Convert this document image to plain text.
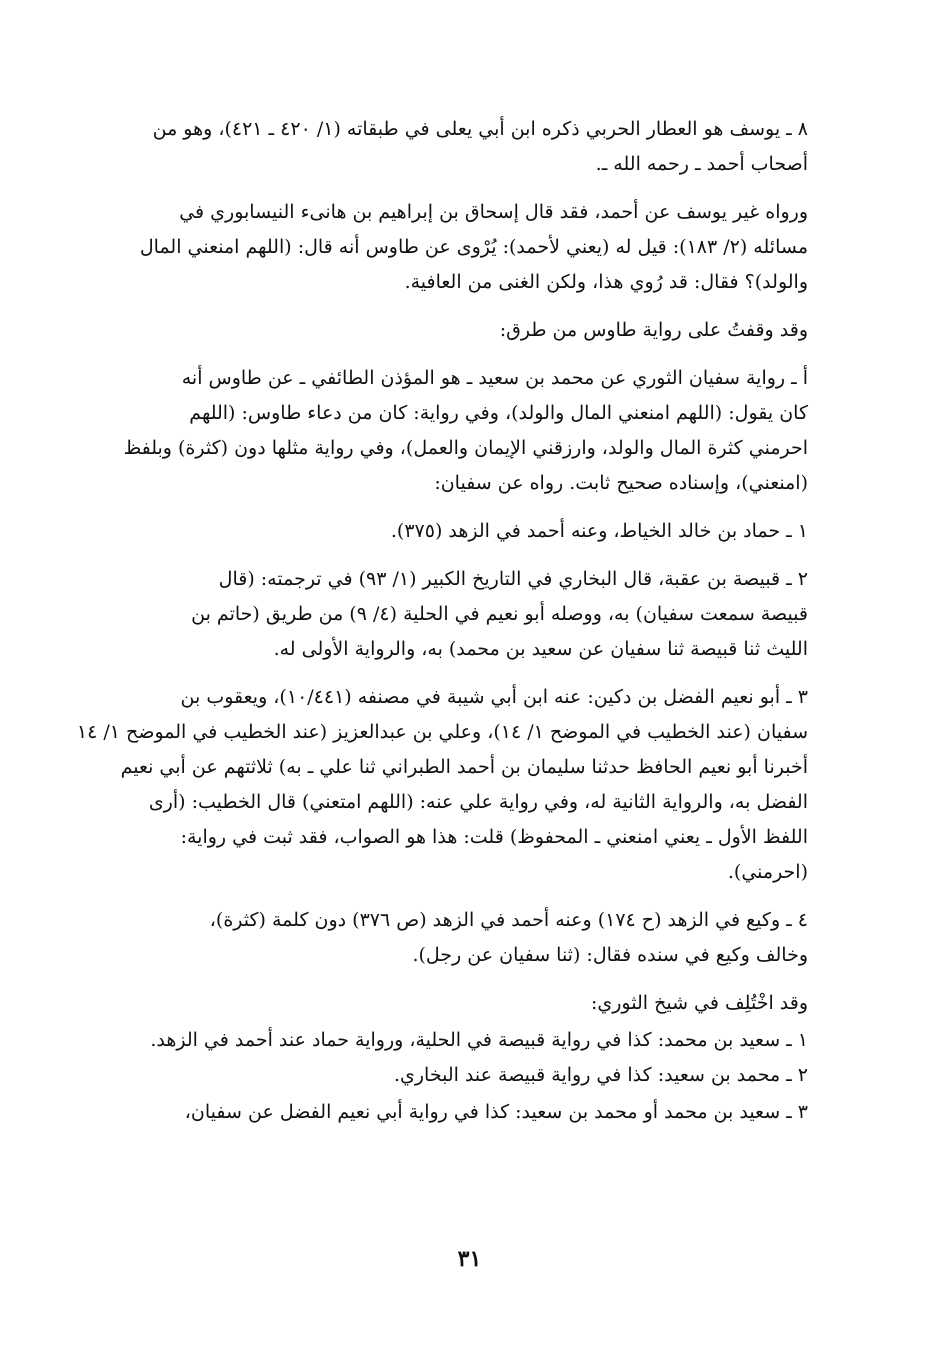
٨ ـ يوسف هو العطار الحربي ذكره ابن أبي يعلى في طبقاته (١/ ٤٢٠ ـ ٤٢١)، وهو من
أصحاب أحمد ـ رحمه الله ـ.

ورواه غير يوسف عن أحمد، فقد قال إسحاق بن إبراهيم بن هانىء النيسابوري في
مسائله (٢/ ١٨٣): قيل له (يعني لأحمد): يُرْوى عن طاوس أنه قال: (اللهم امنعني المال
والولد)؟ فقال: قد رُوي هذا، ولكن الغنى من العافية.

وقد وقفتُ على رواية طاوس من طرق:

أ ـ رواية سفيان الثوري عن محمد بن سعيد ـ هو المؤذن الطائفي ـ عن طاوس أنه
كان يقول: (اللهم امنعني المال والولد)، وفي رواية: كان من دعاء طاوس: (اللهم
احرمني كثرة المال والولد، وارزقني الإيمان والعمل)، وفي رواية مثلها دون (كثرة) وبلفظ
(امنعني)، وإسناده صحيح ثابت. رواه عن سفيان:

١ ـ حماد بن خالد الخياط، وعنه أحمد في الزهد (٣٧٥).

٢ ـ قبيصة بن عقبة، قال البخاري في التاريخ الكبير (١/ ٩٣) في ترجمته: (قال
قبيصة سمعت سفيان) به، ووصله أبو نعيم في الحلية (٤/ ٩) من طريق (حاتم بن
الليث ثنا قبيصة ثنا سفيان عن سعيد بن محمد) به، والرواية الأولى له.

٣ ـ أبو نعيم الفضل بن دكين: عنه ابن أبي شيبة في مصنفه (١٠/٤٤١)، ويعقوب بن
سفيان (عند الخطيب في الموضح ١/ ١٤)، وعلي بن عبدالعزيز (عند الخطيب في الموضح ١/ ١٤
أخبرنا أبو نعيم الحافظ حدثنا سليمان بن أحمد الطبراني ثنا علي ـ به) ثلاثتهم عن أبي نعيم
الفضل به، والرواية الثانية له، وفي رواية علي عنه: (اللهم امتعني) قال الخطيب: (أرى
اللفظ الأول ـ يعني امنعني ـ المحفوظ) قلت: هذا هو الصواب، فقد ثبت في رواية:
(احرمني).

٤ ـ وكيع في الزهد (ح ١٧٤) وعنه أحمد في الزهد (ص ٣٧٦) دون كلمة (كثرة)،
وخالف وكيع في سنده فقال: (ثنا سفيان عن رجل).

وقد اخْتُلِف في شيخ الثوري:

١ ـ سعيد بن محمد: كذا في رواية قبيصة في الحلية، ورواية حماد عند أحمد في الزهد.
٢ ـ محمد بن سعيد: كذا في رواية قبيصة عند البخاري.

٣ ـ سعيد بن محمد أو محمد بن سعيد: كذا في رواية أبي نعيم الفضل عن سفيان،

٣١
